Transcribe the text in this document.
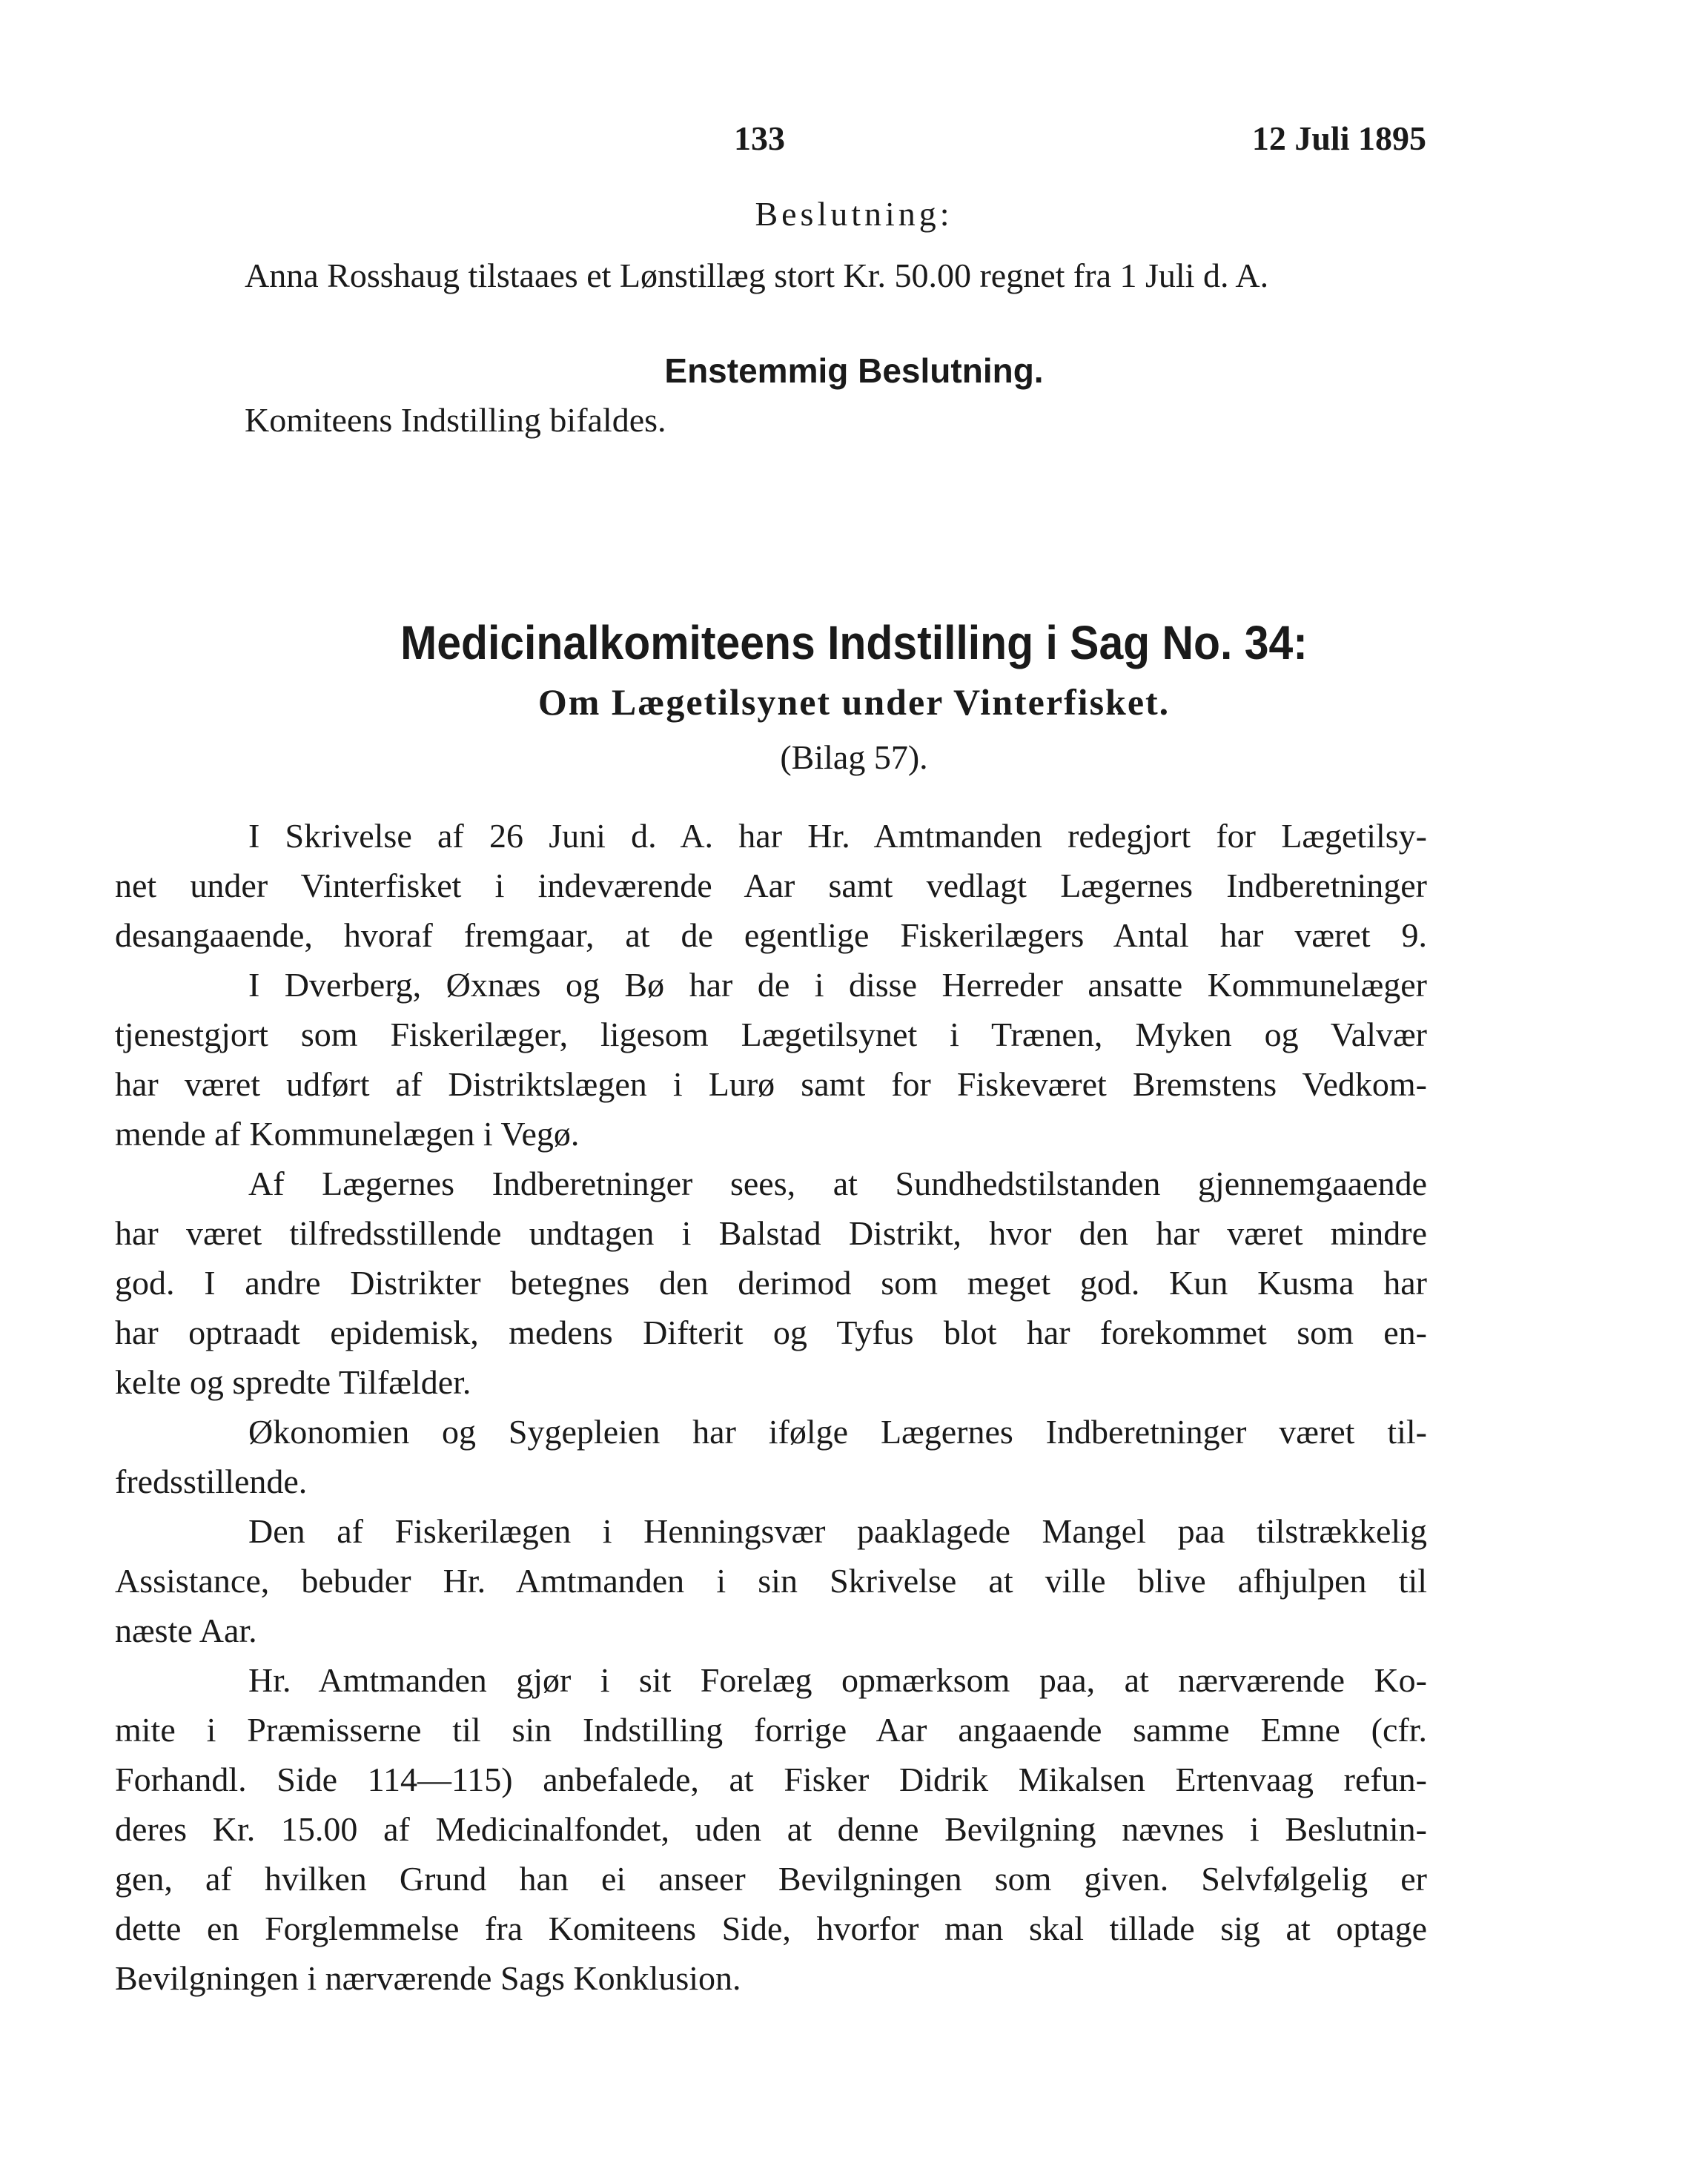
133	12 Juli 1895
Beslutning:
Anna Rosshaug tilstaaes et Lønstillæg stort Kr. 50.00 regnet fra 1 Juli d. A.
Enstemmig Beslutning.
Komiteens Indstilling bifaldes.
Medicinalkomiteens Indstilling i Sag No. 34:
Om Lægetilsynet under Vinterfisket.
(Bilag 57).
I Skrivelse af 26 Juni d. A. har Hr. Amtmanden redegjort for Lægetilsy-
net under Vinterfisket i indeværende Aar samt vedlagt Lægernes Indberetninger
desangaaende, hvoraf fremgaar, at de egentlige Fiskerilægers Antal har været 9.
I Dverberg, Øxnæs og Bø har de i disse Herreder ansatte Kommunelæger
tjenestgjort som Fiskerilæger, ligesom Lægetilsynet i Trænen, Myken og Valvær
har været udført af Distriktslægen i Lurø samt for Fiskeværet Bremstens Vedkom-
mende af Kommunelægen i Vegø.
Af Lægernes Indberetninger sees, at Sundhedstilstanden gjennemgaaende
har været tilfredsstillende undtagen i Balstad Distrikt, hvor den har været mindre
god. I andre Distrikter betegnes den derimod som meget god. Kun Kusma har
har optraadt epidemisk, medens Difterit og Tyfus blot har forekommet som en-
kelte og spredte Tilfælder.
Økonomien og Sygepleien har ifølge Lægernes Indberetninger været til-
fredsstillende.
Den af Fiskerilægen i Henningsvær paaklagede Mangel paa tilstrækkelig
Assistance, bebuder Hr. Amtmanden i sin Skrivelse at ville blive afhjulpen til
næste Aar.
Hr. Amtmanden gjør i sit Forelæg opmærksom paa, at nærværende Ko-
mite i Præmisserne til sin Indstilling forrige Aar angaaende samme Emne (cfr.
Forhandl. Side 114—115) anbefalede, at Fisker Didrik Mikalsen Ertenvaag refun-
deres Kr. 15.00 af Medicinalfondet, uden at denne Bevilgning nævnes i Beslutnin-
gen, af hvilken Grund han ei anseer Bevilgningen som given. Selvfølgelig er
dette en Forglemmelse fra Komiteens Side, hvorfor man skal tillade sig at optage
Bevilgningen i nærværende Sags Konklusion.
